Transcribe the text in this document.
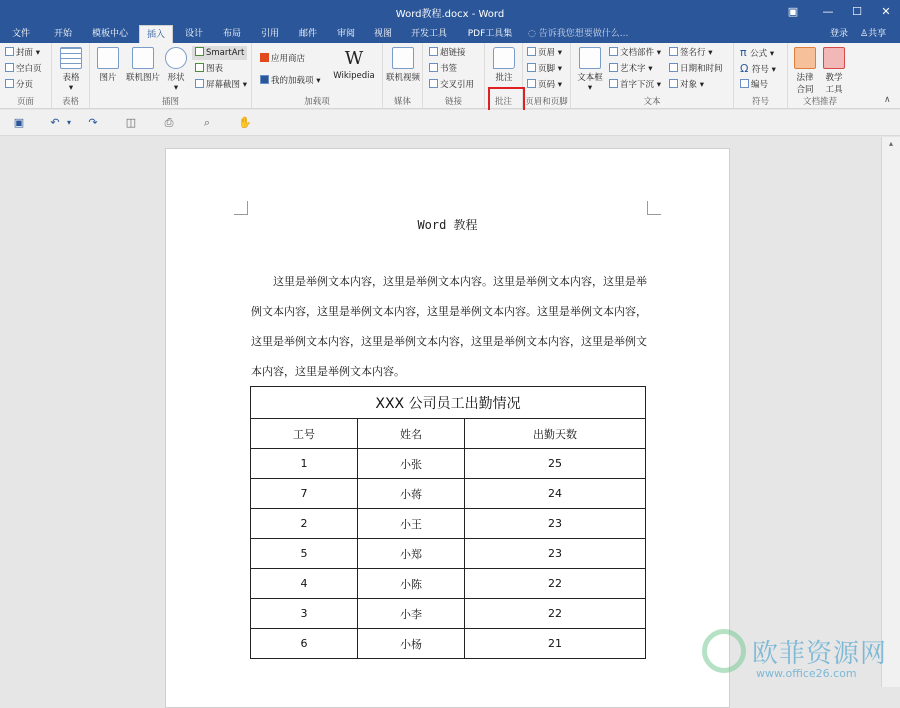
Word教程.docx - Word	▣	—	☐	✕
文件	开始	模板中心	插入	设计	布局	引用	邮件	审阅	视图	开发工具	PDF工具集	◌ 告诉我您想要做什么...	登录 ♙共享
封面 ▾
空白页
分页
页面
表格
▾
表格
图片	联机图片 形状
▾
SmartArt
图表
屏幕截图 ▾
插图
应用商店
我的加载项 ▾
W
Wikipedia
加载项
联机视频
媒体
超链接
书签
交叉引用
链接
批注
批注
页眉 ▾
页脚 ▾
页码 ▾
页眉和页脚
文本框
▾
文档部件 ▾
艺术字 ▾
首字下沉 ▾
签名行 ▾
日期和时间
对象 ▾
文本
π 公式 ▾
Ω 符号 ▾
编号
符号
法律合同
教学工具
文档推荐	∧
▣ ↶ ▾	↷	◫	⎙	⌕	✋
▴
Word 教程
这里是举例文本内容，这里是举例文本内容。这里是举例文本内容，这里是举例文本内容，这里是举例文本内容，这里是举例文本内容。这里是举例文本内容，这里是举例文本内容，这里是举例文本内容，这里是举例文本内容，这里是举例文本内容，这里是举例文本内容。
XXX 公司员工出勤情况		
工号	姓名	出勤天数
1	小张	25
7	小蒋	24
2	小王	23
5	小郑	23
4	小陈	22
3	小李	22
6	小杨	21	欧菲资源网
www.office26.com
